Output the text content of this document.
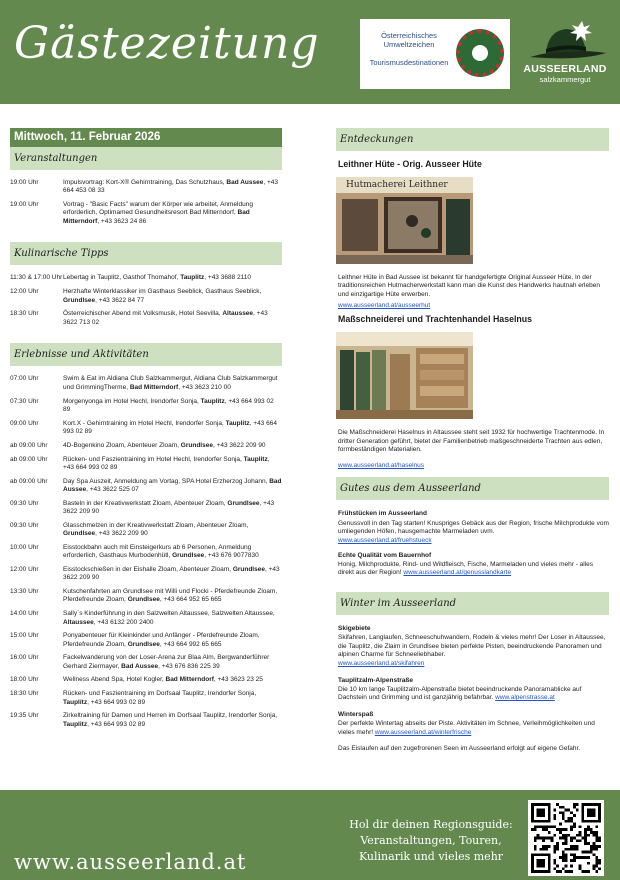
Gästezeitung	Österreichisches
Umweltzeichen
Tourismusdestinationen
AUSSEERLAND
salzkammergut
Mittwoch, 11. Februar 2026
Veranstaltungen
19:00 Uhr	Impulsvortrag: Kort-X® Gehirntraining, Das Schutzhaus, Bad Aussee, +43 664 453 08 33
19:00 Uhr	Vortrag - "Basic Facts" warum der Körper wie arbeitet, Anmeldung erforderlich, Optimamed Gesundheitsresort Bad Mitterndorf, Bad Mitterndorf, +43 3623 24 86
Kulinarische Tipps
11:30 & 17:00 Uhr Lebertag in Tauplitz, Gasthof Thomahof, Tauplitz, +43 3688 2110
12:00 Uhr	Herzhafte Winterklassiker im Gasthaus Seeblick, Gasthaus Seeblick, Grundlsee, +43 3622 84 77
18:30 Uhr	Österreichischer Abend mit Volksmusik, Hotel Seevilla, Altaussee, +43 3622 713 02
Erlebnisse und Aktivitäten
07:00 Uhr	Swim & Eat im Aldiana Club Salzkammergut, Aldiana Club Salzkammergut und GrimmingTherme, Bad Mitterndorf, +43 3623 210 00
07:30 Uhr	Morgenyonga im Hotel Hechl, Irendorfer Sonja, Tauplitz, +43 664 993 02 89
09:00 Uhr	Kort.X - Gehirntraining im Hotel Hechl, Irendorfer Sonja, Tauplitz, +43 664 993 02 89
ab 09:00 Uhr	4D-Bogenkino Zloam, Abenteuer Zloam, Grundlsee, +43 3622 209 90
ab 09:00 Uhr	Rücken- und Faszientraining im Hotel Hechl, Irendorfer Sonja, Tauplitz, +43 664 993 02 89
ab 09:00 Uhr	Day Spa Auszeit, Anmeldung am Vortag, SPA Hotel Erzherzog Johann, Bad Aussee, +43 3622 525 07
09:30 Uhr	Basteln in der Kreativwerkstatt Zloam, Abenteuer Zloam, Grundlsee, +43 3622 209 90
09:30 Uhr	Glasschmelzen in der Kreativwerkstatt Zloam, Abenteuer Zloam, Grundlsee, +43 3622 209 90
10:00 Uhr	Eisstockbahn auch mit Einsteigerkurs ab 6 Personen, Anmeldung erforderlich, Gasthaus Murbodenhütl, Grundlsee, +43 676 9077830
12:00 Uhr	Eisstockschießen in der Eishalle Zloam, Abenteuer Zloam, Grundlsee, +43 3622 209 90
13:30 Uhr	Kutschenfahrten am Grundlsee mit Willi und Flocki - Pferdefreunde Zloam, Pferdefreunde Zloam, Grundlsee, +43 664 952 65 665
14:00 Uhr	Sally´s Kinderführung in den Salzwelten Altaussee, Salzwelten Altaussee, Altaussee, +43 6132 200 2400
15:00 Uhr	Ponyabenteuer für Kleinkinder und Anfänger - Pferdefreunde Zloam, Pferdefreunde Zloam, Grundlsee, +43 664 992 65 665
16:00 Uhr	Fackelwanderung von der Loser-Arena zur Blaa Alm, Bergwanderführer Gerhard Ziermayer, Bad Aussee, +43 676 836 225 39
18:00 Uhr	Wellness Abend Spa, Hotel Kogler, Bad Mitterndorf, +43 3623 23 25
18:30 Uhr	Rücken- und Faszientraining im Dorfsaal Tauplitz, Irendorfer Sonja, Tauplitz, +43 664 993 02 89
19:35 Uhr	Zirkeltraining für Damen und Herren im Dorfsaal Tauplitz, Irendorfer Sonja, Tauplitz, +43 664 993 02 89
Entdeckungen
Leithner Hüte - Orig. Ausseer Hüte
Hutmacherei Leithner
Leithner Hüte in Bad Aussee ist bekannt für handgefertigte Original Ausseer Hüte. In der traditionsreichen Hutmacherwerkstatt kann man die Kunst des Handwerks hautnah erleben und einzigartige Hüte erwerben.
www.ausseerland.at/ausseerhut
Maßschneiderei und Trachtenhandel Haselnus
Die Maßschneiderei Haselnus in Altaussee steht seit 1932 für hochwertige Trachtenmode. In dritter Generation geführt, bietet der Familienbetrieb maßgeschneiderte Trachten aus edlen, formbeständigen Materialien.
www.ausseerland.at/haselnus
Gutes aus dem Ausseerland
Frühstücken im Ausseerland
Genussvoll in den Tag starten! Knuspriges Gebäck aus der Region, frische Milchprodukte vom umliegenden Höfen, hausgemachte Marmeladen uvm.
www.ausseerland.at/fruehstueck
Echte Qualität vom Bauernhof
Honig, Milchprodukte, Rind- und Wildfleisch, Fische, Marmeladen und vieles mehr - alles direkt aus der Region! www.ausseerland.at/genusslandkarte
Winter im Ausseerland
Skigebiete
Skifahren, Langlaufen, Schneeschuhwandern, Rodeln & vieles mehr! Der Loser in Altaussee, die Tauplitz, die Zlaim in Grundlsee bieten perfekte Pisten, beeindruckende Panoramen und alpinen Charme für Schneeliebhaber.
www.ausseerland.at/skifahren
Tauplitzalm-Alpenstraße
Die 10 km lange Tauplitzalm-Alpenstraße bietet beeindruckende Panoramablicke auf Dachstein und Grimming und ist ganzjährig befahrbar. www.alpenstrasse.at
Winterspaß
Der perfekte Wintertag abseits der Piste. Aktivitäten im Schnee, Verleihmöglichkeiten und vieles mehr! www.ausseerland.at/winterfrische
Das Eislaufen auf den zugefrorenen Seen im Ausseerland erfolgt auf eigene Gefahr.
www.ausseerland.at
Hol dir deinen Regionsguide:
Veranstaltungen, Touren,
Kulinarik und vieles mehr
